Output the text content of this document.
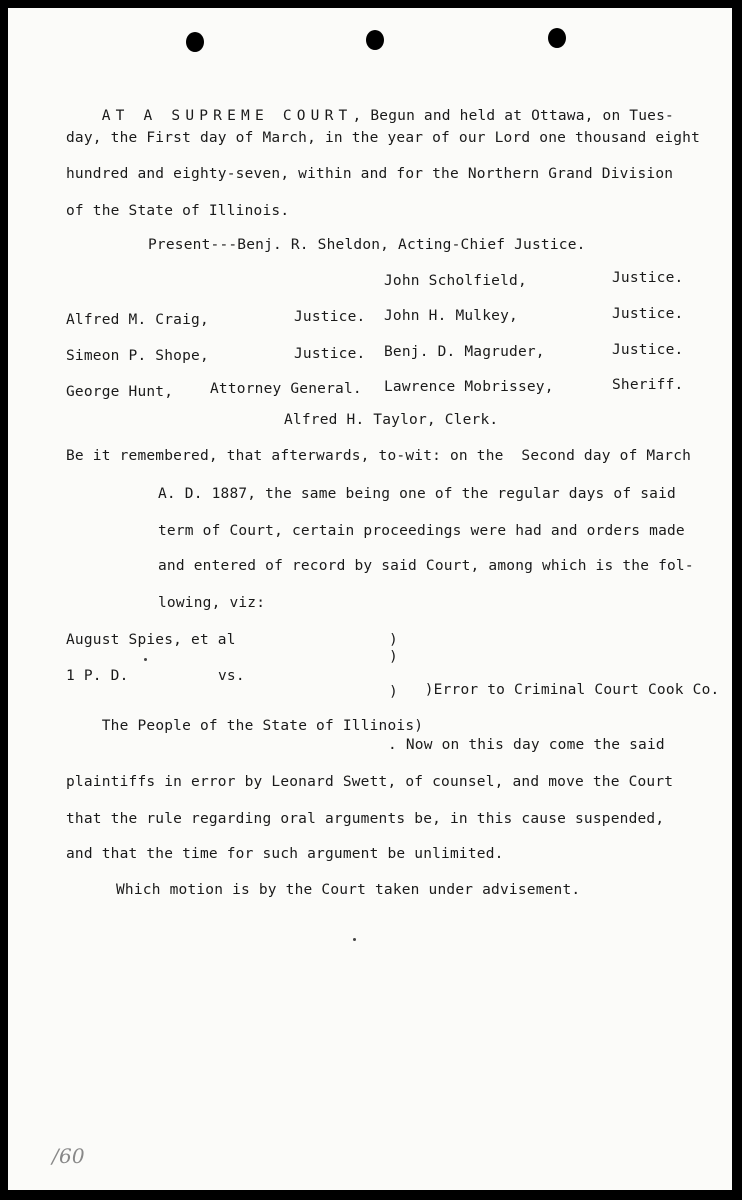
AT A SUPREME COURT, Begun and held at Ottawa, on Tues-

day, the First day of March, in the year of our Lord one thousand eight
hundred and eighty-seven, within and for the Northern Grand Division
of the State of Illinois.
Present---Benj. R. Sheldon, Acting-Chief Justice.
John Scholfield,	Justice.
Alfred M. Craig,	Justice. John H. Mulkey,	Justice.
Simeon P. Shope,	Justice. Benj. D. Magruder,	Justice.
George Hunt,	Attorney General. Lawrence Mobrissey,	Sheriff.
Alfred H. Taylor, Clerk.
Be it remembered, that afterwards, to-wit: on the  Second day of March
A. D. 1887, the same being one of the regular days of said
term of Court, certain proceedings were had and orders made
and entered of record by said Court, among which is the fol-
lowing, viz:
August Spies, et al	)
)
1 P. D.	vs.

)Error to Criminal Court Cook Co.

)

The People of the State of Illinois)

. Now on this day come the said
plaintiffs in error by Leonard Swett, of counsel, and move the Court
that the rule regarding oral arguments be, in this cause suspended,
and that the time for such argument be unlimited.
Which motion is by the Court taken under advisement.
/60
